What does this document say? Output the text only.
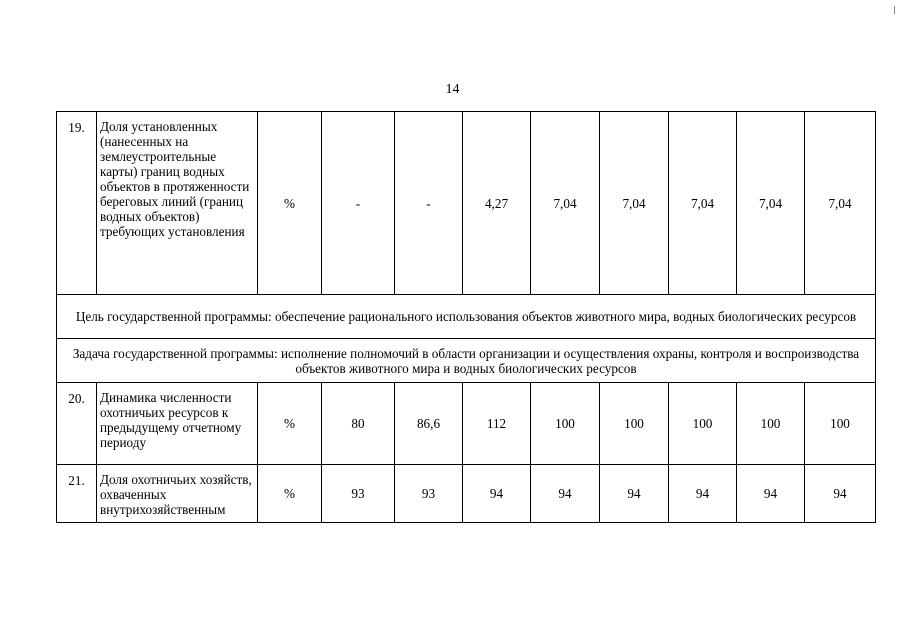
14
19.	Доля установленных (нанесенных на землеустроительные карты) границ водных объектов в протяженности береговых линий (границ водных объектов) требующих установления	%	-	-	4,27	7,04	7,04	7,04	7,04	7,04
Цель государственной программы: обеспечение рационального использования объектов животного мира, водных биологических ресурсов										
Задача государственной программы: исполнение полномочий в области организации и осуществления охраны, контроля и воспроизводства объектов животного мира и водных биологических ресурсов										
20.	Динамика численности охотничьих ресурсов к предыдущему отчетному периоду	%	80	86,6	112	100	100	100	100	100
21.	Доля охотничьих хозяйств, охваченных внутрихозяйственным	%	93	93	94	94	94	94	94	94
